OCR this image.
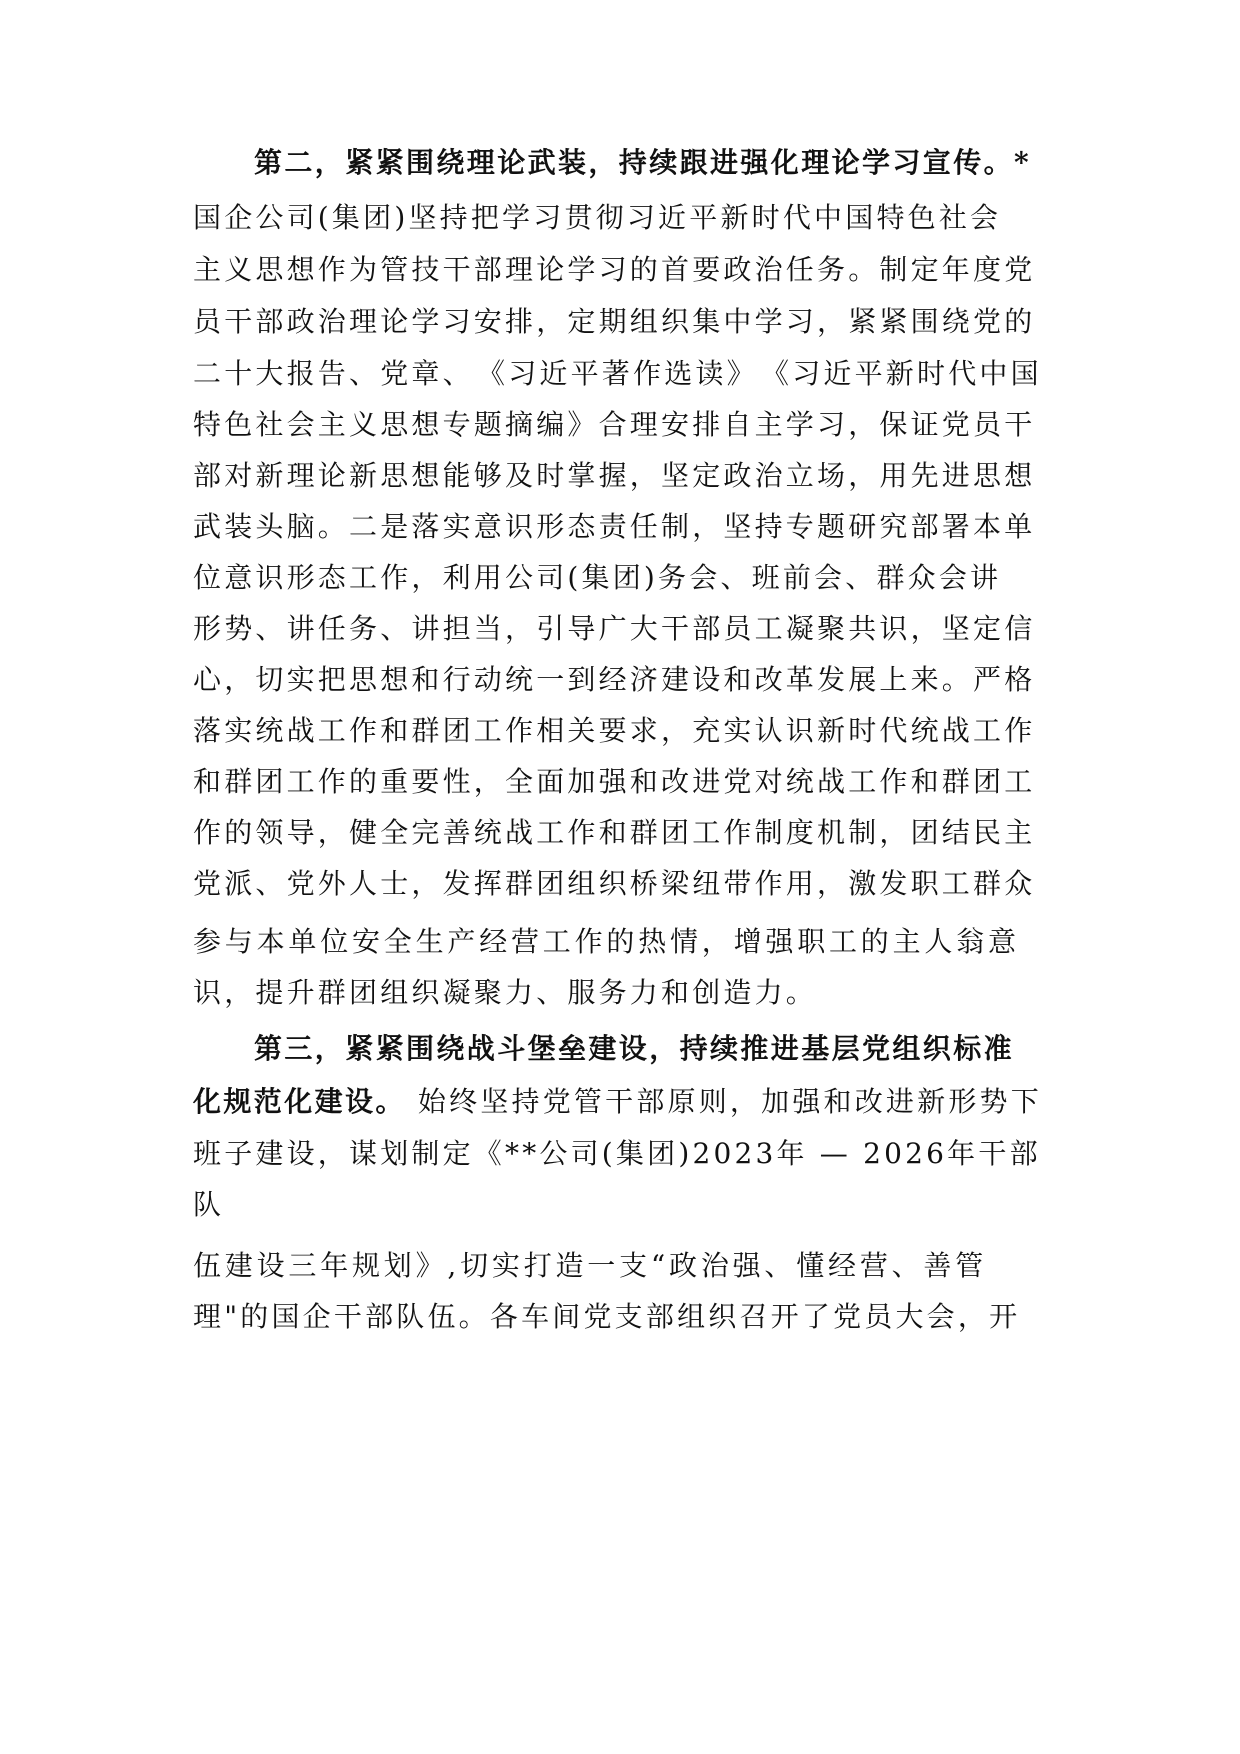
第二，紧紧围绕理论武装，持续跟进强化理论学习宣传。*
国企公司(集团)坚持把学习贯彻习近平新时代中国特色社会
主义思想作为管技干部理论学习的首要政治任务。制定年度党
员干部政治理论学习安排，定期组织集中学习，紧紧围绕党的
二十大报告、党章、　《习近平著作选读》　《习近平新时代中国
特色社会主义思想专题摘编》合理安排自主学习，保证党员干
部对新理论新思想能够及时掌握，坚定政治立场，用先进思想
武装头脑。二是落实意识形态责任制，坚持专题研究部署本单
位意识形态工作，利用公司(集团)务会、班前会、群众会讲
形势、讲任务、讲担当，引导广大干部员工凝聚共识，坚定信
心，切实把思想和行动统一到经济建设和改革发展上来。严格
落实统战工作和群团工作相关要求，充实认识新时代统战工作
和群团工作的重要性，全面加强和改进党对统战工作和群团工
作的领导，健全完善统战工作和群团工作制度机制，团结民主
党派、党外人士，发挥群团组织桥梁纽带作用，激发职工群众
参与本单位安全生产经营工作的热情，增强职工的主人翁意
识，提升群团组织凝聚力、服务力和创造力。
第三，紧紧围绕战斗堡垒建设，持续推进基层党组织标准
化规范化建设。 始终坚持党管干部原则，加强和改进新形势下
班子建设，谋划制定《**公司(集团)2023年 — 2026年干部
队
伍建设三年规划》,切实打造一支“政治强、懂经营、善管
理"的国企干部队伍。各车间党支部组织召开了党员大会，开
